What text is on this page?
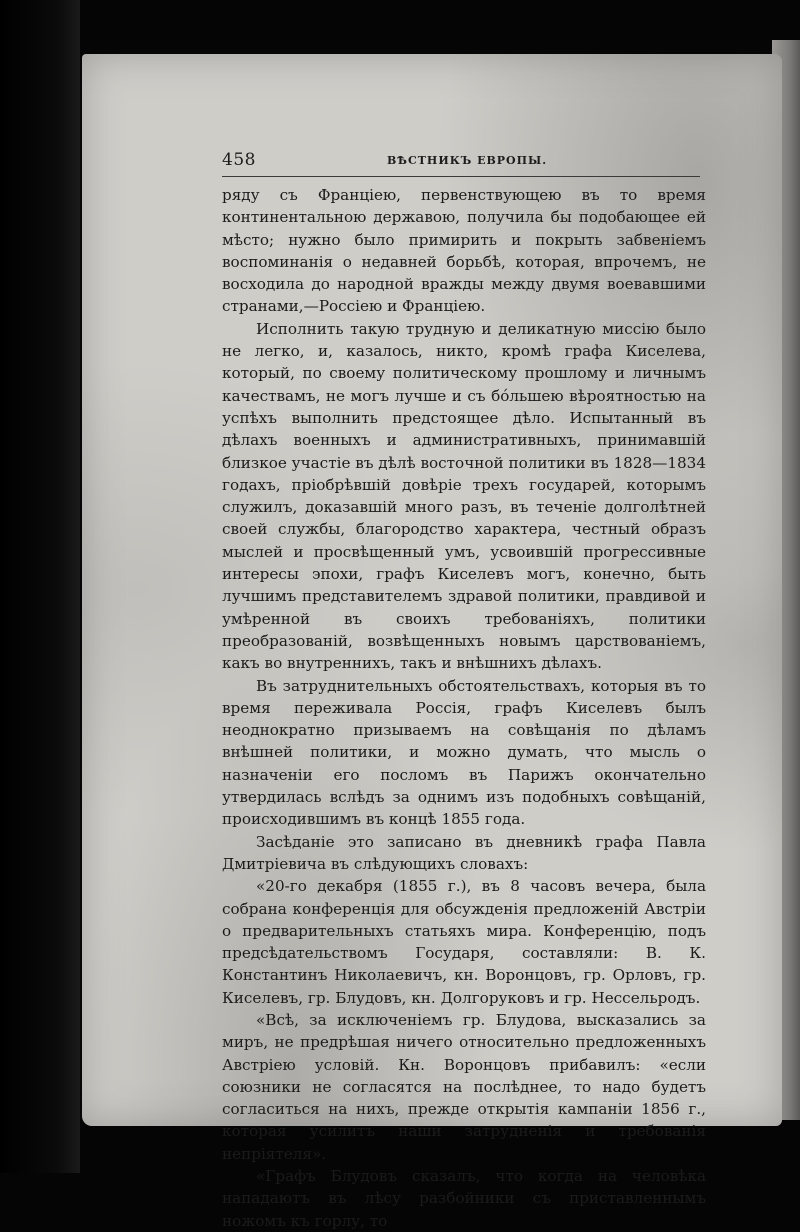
458	ВѢСТНИКЪ ЕВРОПЫ.

ряду съ Франціею, первенствующею въ то время континентальною державою, получила бы подобающее ей мѣсто; нужно было примирить и покрыть забвеніемъ воспоминанія о недавней борьбѣ, которая, впрочемъ, не восходила до народной вражды между двумя воевавшими странами,—Россіею и Франціею.

Исполнить такую трудную и деликатную миссію было не легко, и, казалось, никто, кромѣ графа Киселева, который, по своему политическому прошлому и личнымъ качествамъ, не могъ лучше и съ бо́льшею вѣроятностью на успѣхъ выполнить предстоящее дѣло. Испытанный въ дѣлахъ военныхъ и административныхъ, принимавшій близкое участіе въ дѣлѣ восточной политики въ 1828—1834 годахъ, пріобрѣвшій довѣріе трехъ государей, которымъ служилъ, доказавшій много разъ, въ теченіе долголѣтней своей службы, благородство характера, честный образъ мыслей и просвѣщенный умъ, усвоившій прогрессивные интересы эпохи, графъ Киселевъ могъ, конечно, быть лучшимъ представителемъ здравой политики, правдивой и умѣренной въ своихъ требованіяхъ, политики преобразованій, возвѣщенныхъ новымъ царствованіемъ, какъ во внутреннихъ, такъ и внѣшнихъ дѣлахъ.

Въ затруднительныхъ обстоятельствахъ, которыя въ то время переживала Россія, графъ Киселевъ былъ неоднократно призываемъ на совѣщанія по дѣламъ внѣшней политики, и можно думать, что мысль о назначеніи его посломъ въ Парижъ окончательно утвердилась вслѣдъ за однимъ изъ подобныхъ совѣщаній, происходившимъ въ концѣ 1855 года.

Засѣданіе это записано въ дневникѣ графа Павла Дмитріевича въ слѣдующихъ словахъ:

«20-го декабря (1855 г.), въ 8 часовъ вечера, была собрана конференція для обсужденія предложеній Австріи о предварительныхъ статьяхъ мира. Конференцію, подъ предсѣдательствомъ Государя, составляли: В. К. Константинъ Николаевичъ, кн. Воронцовъ, гр. Орловъ, гр. Киселевъ, гр. Блудовъ, кн. Долгоруковъ и гр. Нессельродъ.

«Всѣ, за исключеніемъ гр. Блудова, высказались за миръ, не предрѣшая ничего относительно предложенныхъ Австріею условій. Кн. Воронцовъ прибавилъ: «если союзники не согласятся на послѣднее, то надо будетъ согласиться на нихъ, прежде открытія кампаніи 1856 г., которая усилитъ наши затрудненія и требованія непріятеля».

«Графъ Блудовъ сказалъ, что когда на человѣка нападаютъ въ лѣсу разбойники съ приставленнымъ ножомъ къ горлу, то
